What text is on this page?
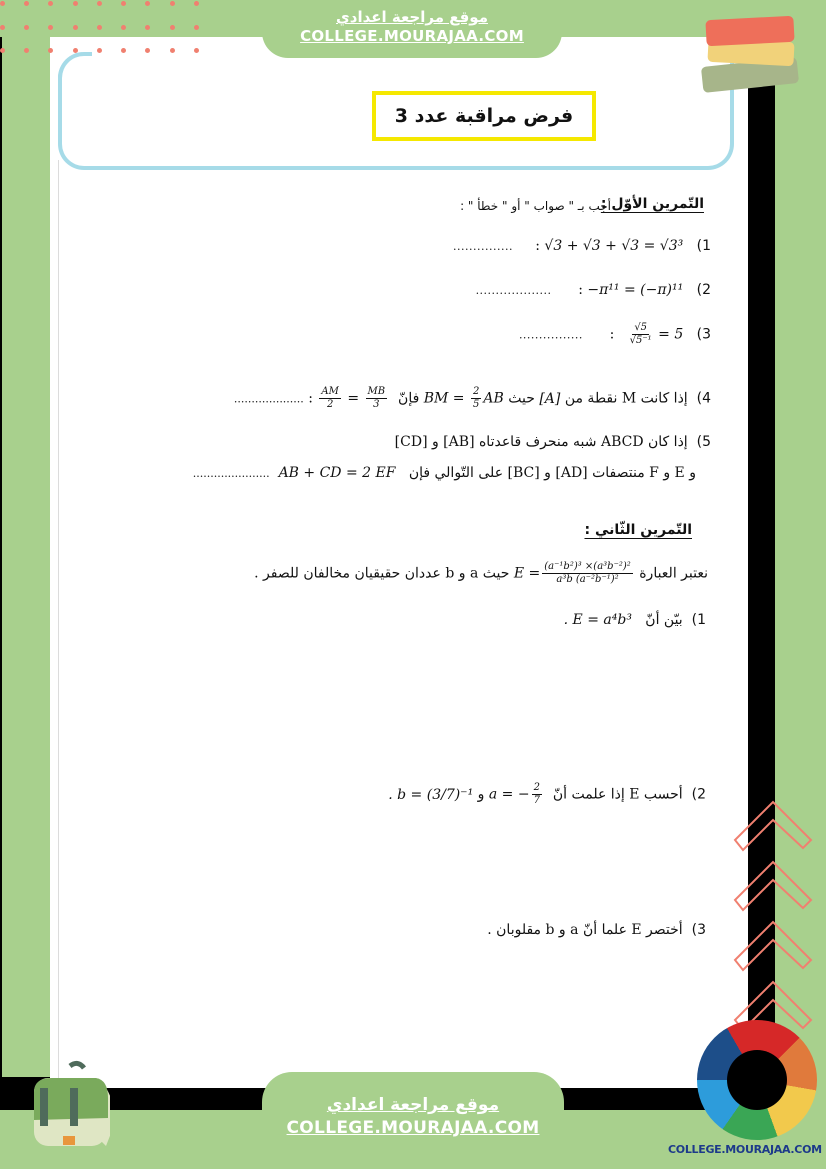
فرض مراقبة عدد 3
موقع مراجعة اعدادي
COLLEGE.MOURAJAA.COM
التّمرين الأوّل :
أجب بـ " صواب " أو " خطأ " :
1)   √3 + √3 + √3 = √3³ :     ...............
2)   −π¹¹ = (−π)¹¹ :      ...................
3)
$\frac{√5}{\text{√5⁻¹}} = 5$   :      ................
4)  إذا كانت M نقطة من [A] حيث BM = $\frac{2}{5}$ AB فإنّ
$\frac{AM}{2} = \frac{MB}{3}$
: ....................
5)  إذا كان ABCD شبه منحرف قاعدتاه [AB] و [CD]
و E و F منتصفات [AD] و [BC] على التّوالي فإن   AB + CD = 2 EF  ......................
التّمرين الثّاني :
نعتبر العبارة $E = \frac{\text{(a⁻¹b²)³ ×(a³b⁻²)²}}{\text{a³b (a⁻²b⁻¹)²}}$
حيث a و b عددان حقيقيان مخالفان للصفر .
1)  بيّن أنّ   . E = a⁴b³
2)  أحسب E إذا علمت أنّ  a = − $\frac{2}{7}$
و . b = (3/7)⁻¹
3)  أختصر E علما أنّ a و b مقلوبان .
COLLEGE.MOURAJAA.COM
موقع مراجعة اعدادي
COLLEGE.MOURAJAA.COM
